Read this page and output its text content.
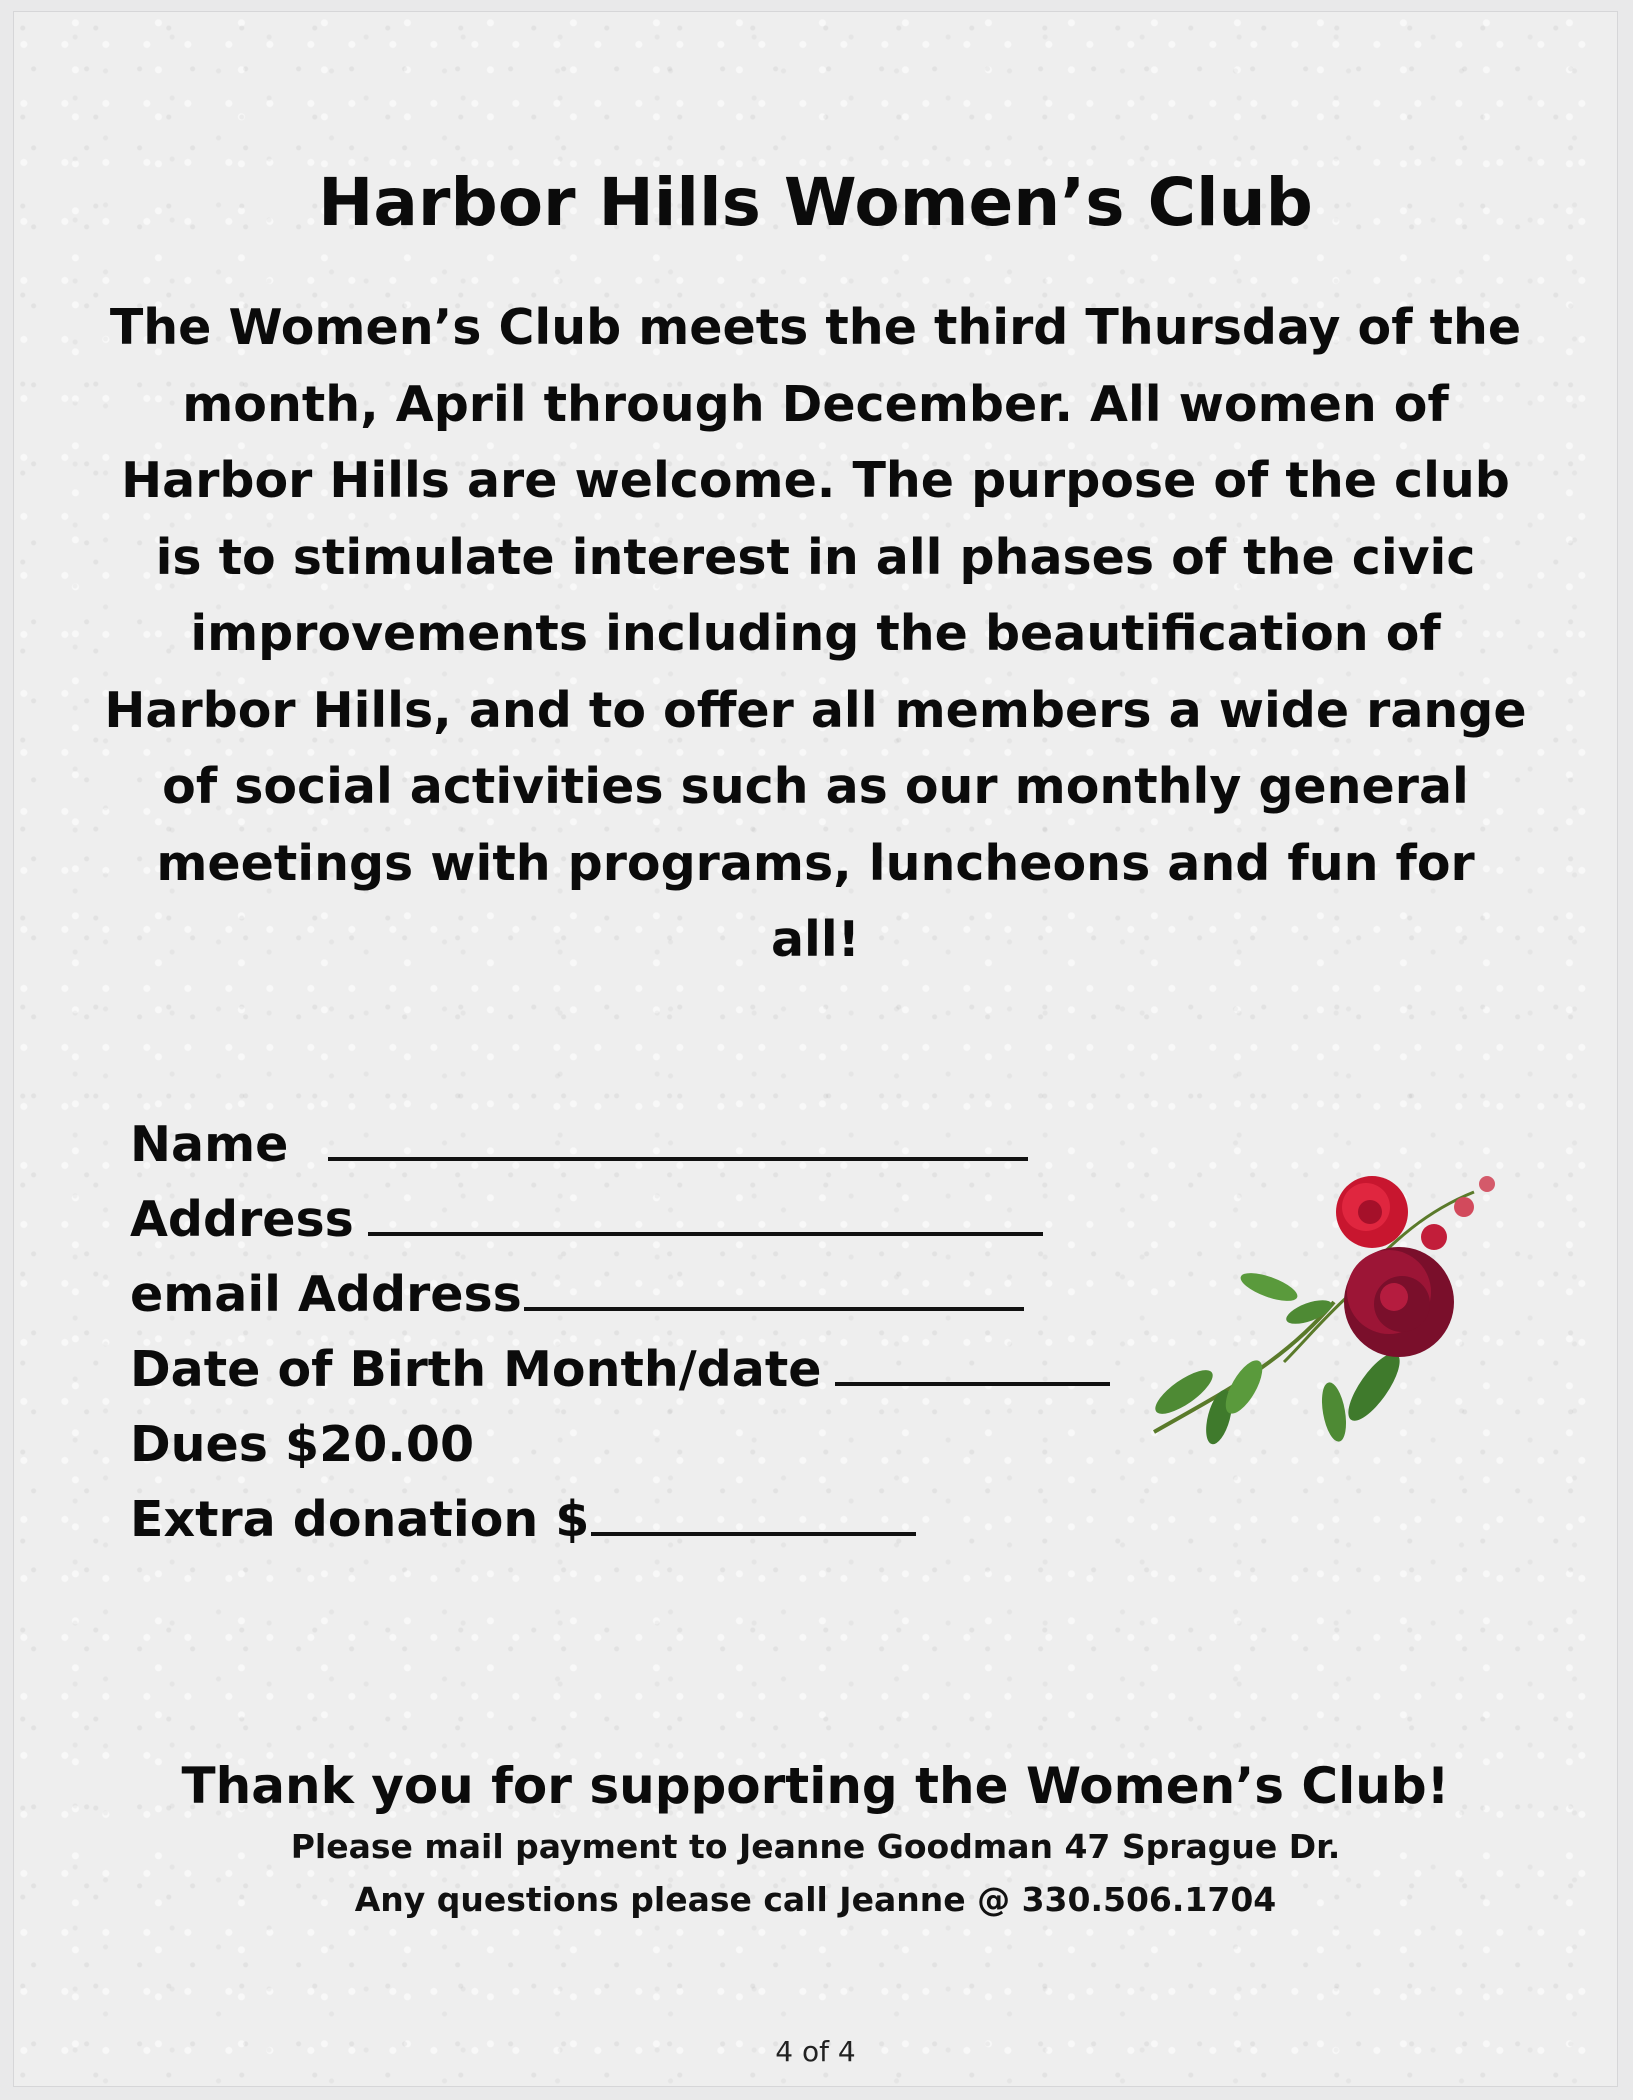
Harbor Hills Women’s Club

The Women’s Club meets the third Thursday of the month, April through December. All women of Harbor Hills are welcome. The purpose of the club is to stimulate interest in all phases of the civic improvements including the beautification of Harbor Hills, and to offer all members a wide range of social activities such as our monthly general meetings with programs, luncheons and fun for all!

Name
Address
email Address
Date of Birth Month/date
Dues $20.00
Extra donation $

Thank you for supporting the Women’s Club!

Please mail payment to Jeanne Goodman 47 Sprague Dr.

Any questions please call Jeanne @ 330.506.1704

4 of 4
